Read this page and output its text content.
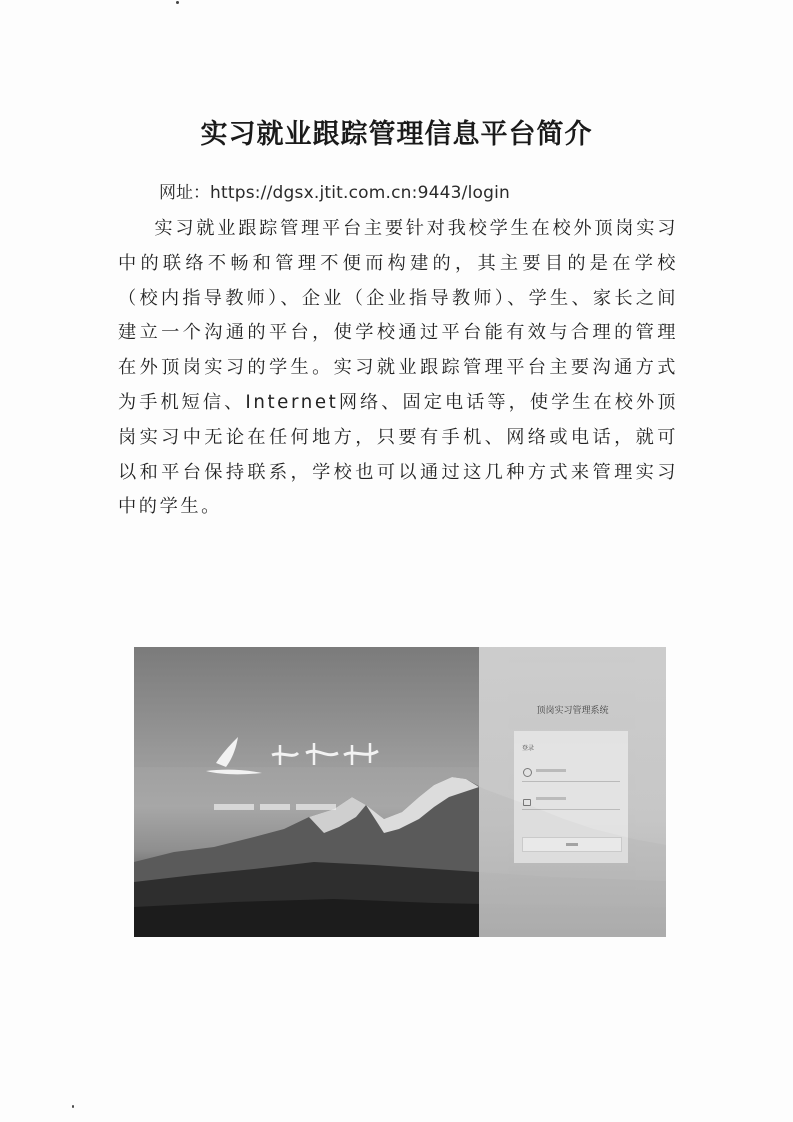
实习就业跟踪管理信息平台简介
网址：https://dgsx.jtit.com.cn:9443/login
实习就业跟踪管理平台主要针对我校学生在校外顶岗实习中的联络不畅和管理不便而构建的，其主要目的是在学校（校内指导教师）、企业（企业指导教师）、学生、家长之间建立一个沟通的平台，使学校通过平台能有效与合理的管理在外顶岗实习的学生。实习就业跟踪管理平台主要沟通方式为手机短信、Internet网络、固定电话等，使学生在校外顶岗实习中无论在任何地方，只要有手机、网络或电话，就可以和平台保持联系，学校也可以通过这几种方式来管理实习中的学生。
顶岗实习管理系统
登录
